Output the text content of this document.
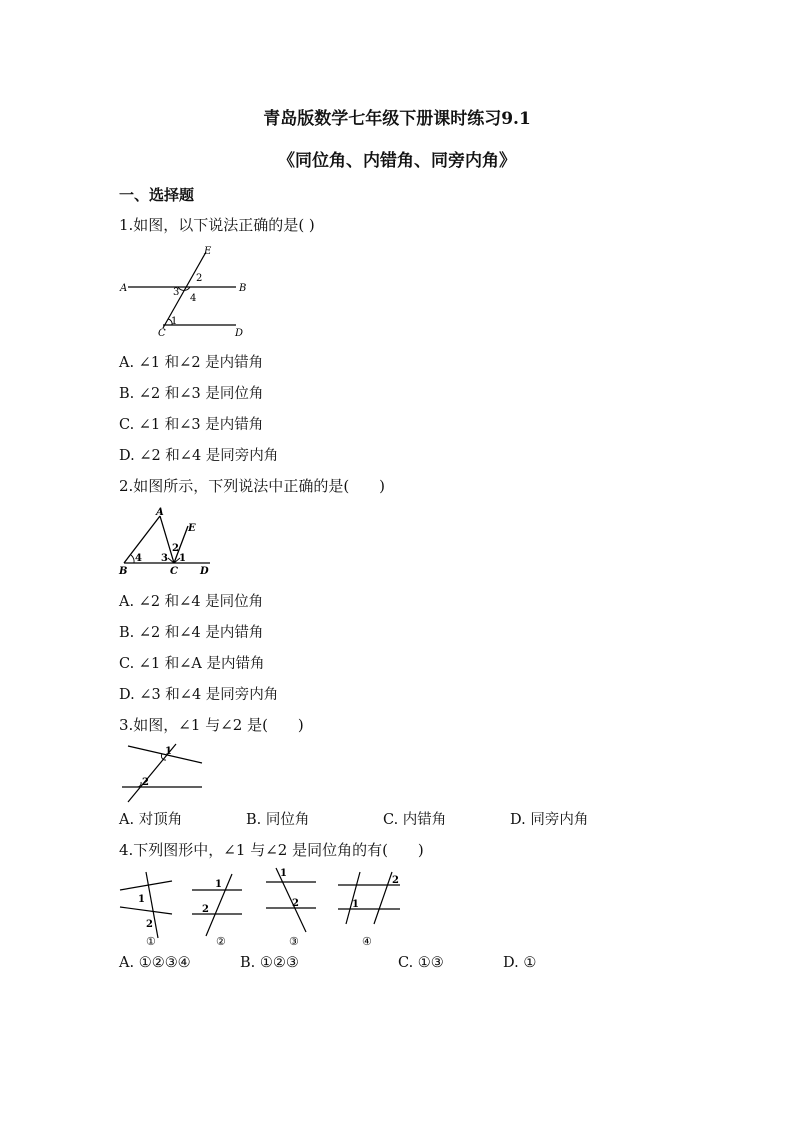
青岛版数学七年级下册课时练习9.1
《同位角、内错角、同旁内角》
一、选择题
1.如图，以下说法正确的是( )
A	B
C	D
E
1
2
3
4
A. ∠1 和∠2 是内错角
B. ∠2 和∠3 是同位角
C. ∠1 和∠3 是内错角
D. ∠2 和∠4 是同旁内角
2.如图所示，下列说法中正确的是(　　)
A
B	C D
E
1
2
3
4
A. ∠2 和∠4 是同位角
B. ∠2 和∠4 是内错角
C. ∠1 和∠A 是内错角
D. ∠3 和∠4 是同旁内角
3.如图，∠1 与∠2 是(　　)
1
2
A. 对顶角	B. 同位角	C. 内错角	D. 同旁内角
4.下列图形中，∠1 与∠2 是同位角的有(　　)
1
2
①
1
2
②
1
2
③
1
2
④
A. ①②③④	B. ①②③	C. ①③	D. ①
